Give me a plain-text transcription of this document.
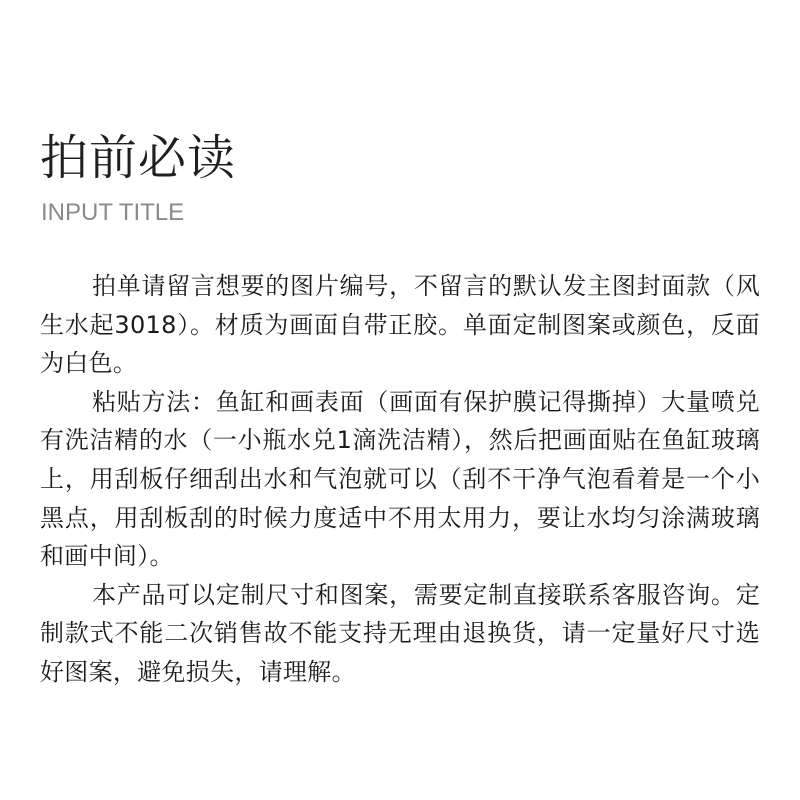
拍前必读
INPUT TITLE

拍单请留言想要的图片编号，不留言的默认发主图封面款（风生水起3018）。材质为画面自带正胶。单面定制图案或颜色，反面为白色。

粘贴方法：鱼缸和画表面（画面有保护膜记得撕掉）大量喷兑有洗洁精的水（一小瓶水兑1滴洗洁精），然后把画面贴在鱼缸玻璃上，用刮板仔细刮出水和气泡就可以（刮不干净气泡看着是一个小黑点，用刮板刮的时候力度适中不用太用力，要让水均匀涂满玻璃和画中间）。

本产品可以定制尺寸和图案，需要定制直接联系客服咨询。定制款式不能二次销售故不能支持无理由退换货，请一定量好尺寸选好图案，避免损失，请理解。
